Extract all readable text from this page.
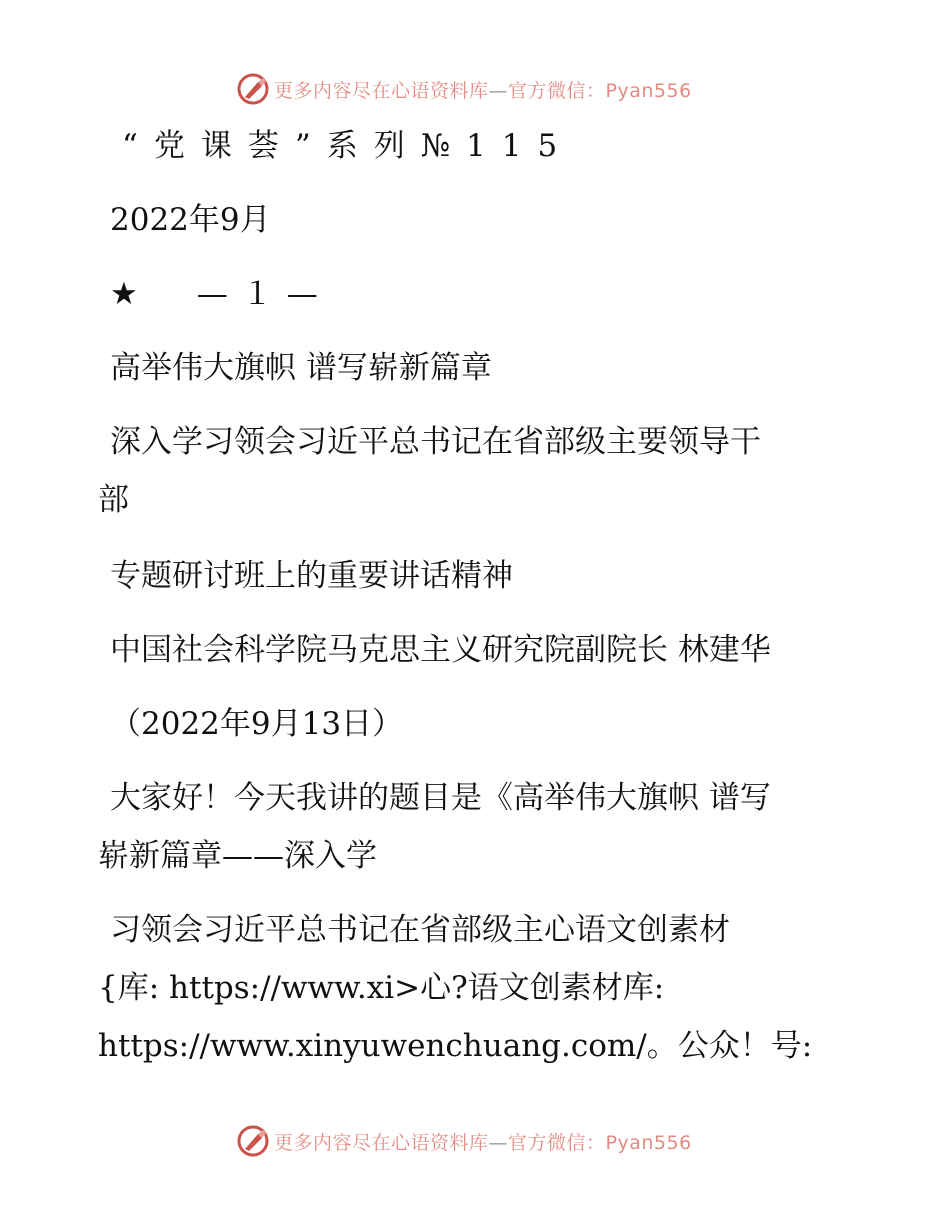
更多内容尽在心语资料库—官方微信：Pyan556
“党课荟”系列№115
2022年9月
★　—１—
高举伟大旗帜 谱写崭新篇章
深入学习领会习近平总书记在省部级主要领导干
部
专题研讨班上的重要讲话精神
中国社会科学院马克思主义研究院副院长 林建华
（2022年9月13日）
大家好！今天我讲的题目是《高举伟大旗帜 谱写
崭新篇章——深入学
习领会习近平总书记在省部级主心语文创素材
{库: https://www.xi>心?语文创素材库:
https://www.xinyuwenchuang.com/。公众！号:
更多内容尽在心语资料库—官方微信：Pyan556
